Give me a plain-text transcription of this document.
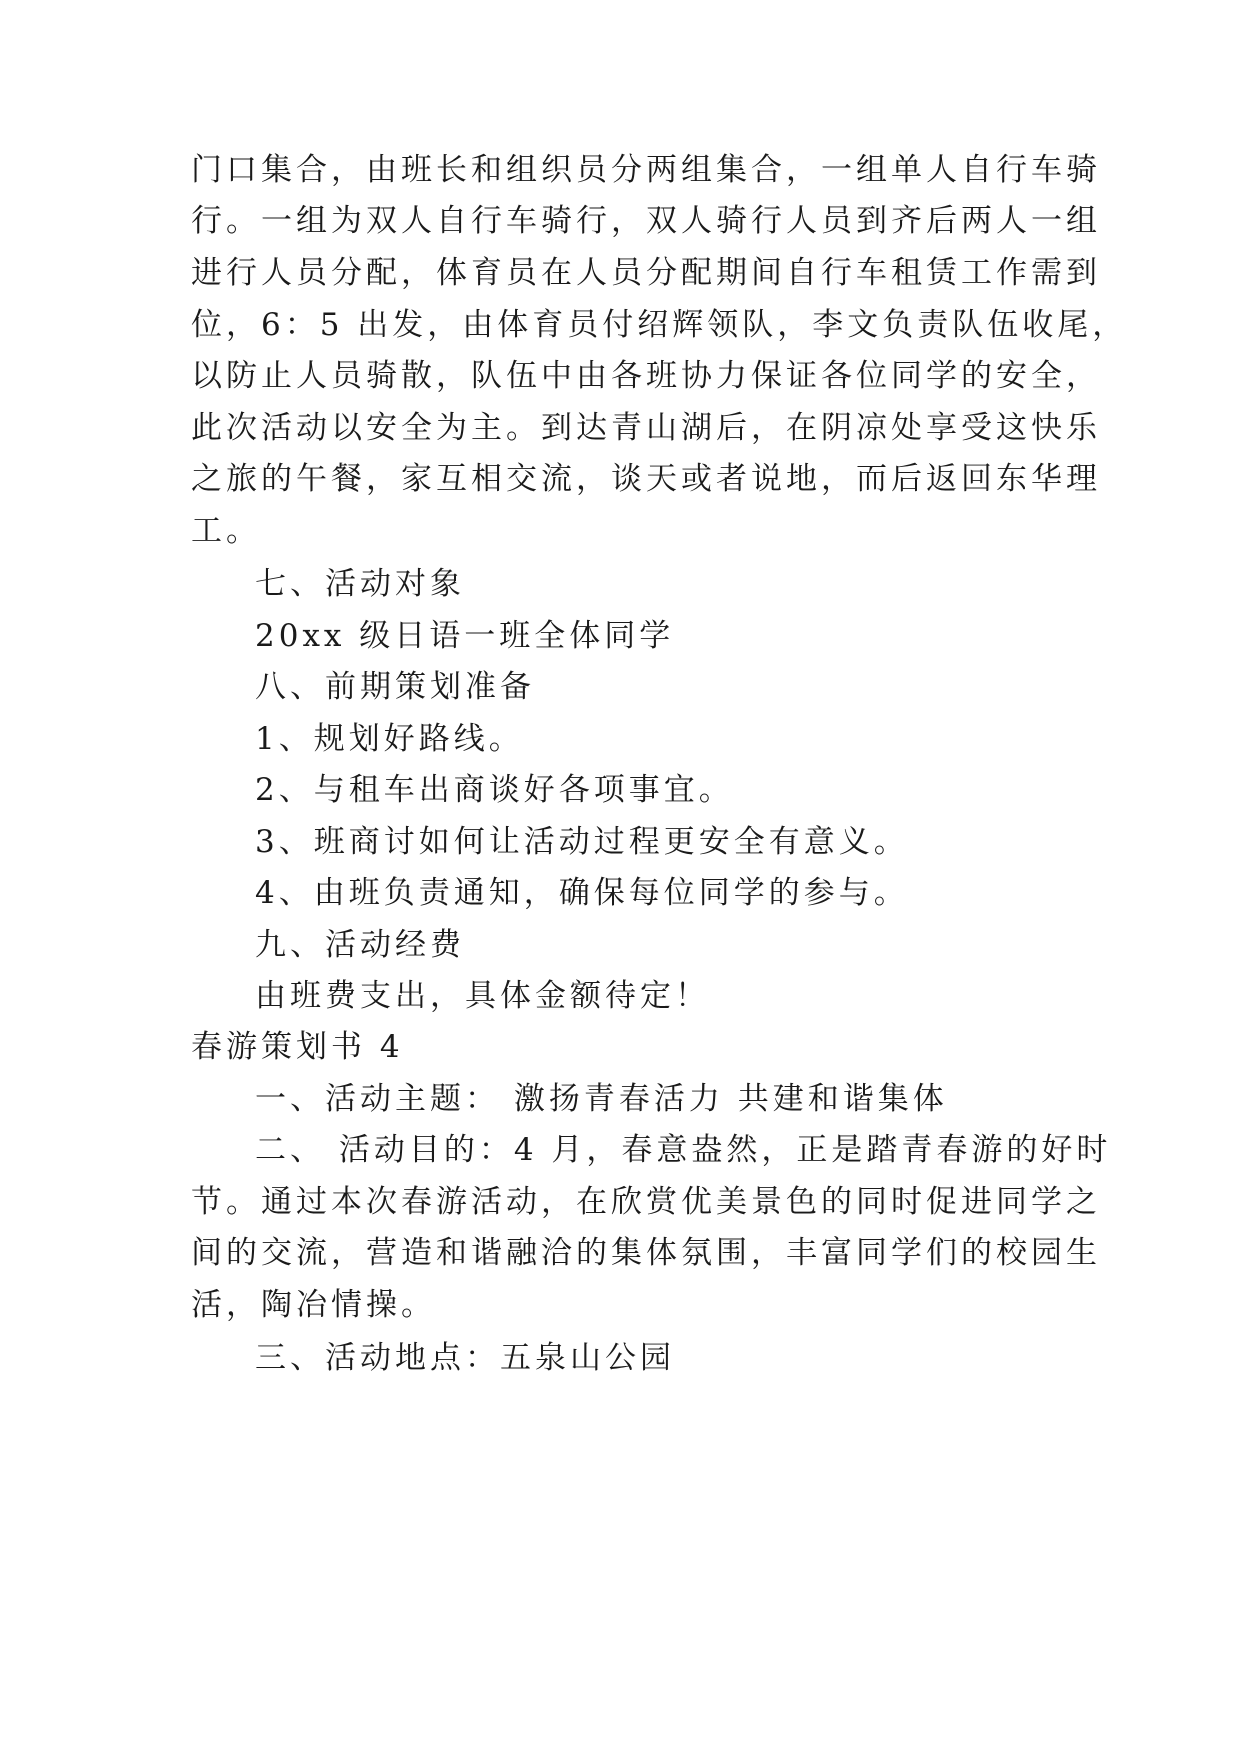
门口集合，由班长和组织员分两组集合，一组单人自行车骑
行。一组为双人自行车骑行，双人骑行人员到齐后两人一组
进行人员分配，体育员在人员分配期间自行车租赁工作需到
位，6：5 出发，由体育员付绍辉领队，李文负责队伍收尾，
以防止人员骑散，队伍中由各班协力保证各位同学的安全，
此次活动以安全为主。到达青山湖后，在阴凉处享受这快乐
之旅的午餐，家互相交流，谈天或者说地，而后返回东华理
工。
七、活动对象
20xx 级日语一班全体同学
八、前期策划准备
1、规划好路线。
2、与租车出商谈好各项事宜。
3、班商讨如何让活动过程更安全有意义。
4、由班负责通知，确保每位同学的参与。
九、活动经费
由班费支出，具体金额待定！
春游策划书 4
一、活动主题： 激扬青春活力 共建和谐集体
二、 活动目的：4 月，春意盎然，正是踏青春游的好时
节。通过本次春游活动，在欣赏优美景色的同时促进同学之
间的交流，营造和谐融洽的集体氛围，丰富同学们的校园生
活，陶冶情操。
三、活动地点：五泉山公园
